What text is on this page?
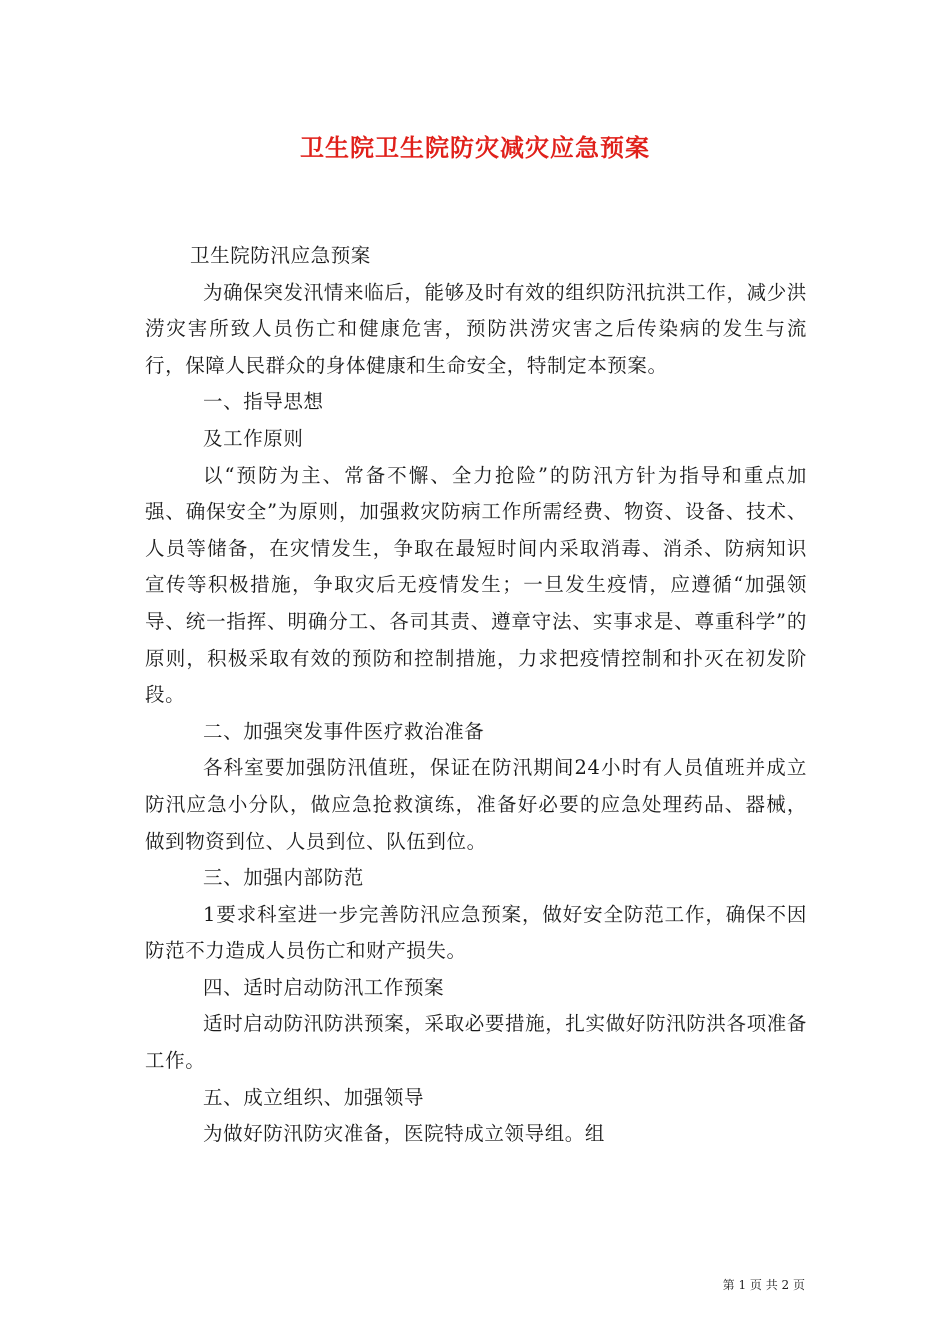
卫生院卫生院防灾减灾应急预案

卫生院防汛应急预案

为确保突发汛情来临后，能够及时有效的组织防汛抗洪工作，减少洪涝灾害所致人员伤亡和健康危害，预防洪涝灾害之后传染病的发生与流行，保障人民群众的身体健康和生命安全，特制定本预案。

一、指导思想

及工作原则

以“预防为主、常备不懈、全力抢险”的防汛方针为指导和重点加强、确保安全”为原则，加强救灾防病工作所需经费、物资、设备、技术、人员等储备，在灾情发生，争取在最短时间内采取消毒、消杀、防病知识宣传等积极措施，争取灾后无疫情发生；一旦发生疫情，应遵循“加强领导、统一指挥、明确分工、各司其责、遵章守法、实事求是、尊重科学”的原则，积极采取有效的预防和控制措施，力求把疫情控制和扑灭在初发阶段。

二、加强突发事件医疗救治准备

各科室要加强防汛值班，保证在防汛期间24小时有人员值班并成立防汛应急小分队，做应急抢救演练，准备好必要的应急处理药品、器械，做到物资到位、人员到位、队伍到位。

三、加强内部防范

1要求科室进一步完善防汛应急预案，做好安全防范工作，确保不因防范不力造成人员伤亡和财产损失。

四、适时启动防汛工作预案

适时启动防汛防洪预案，采取必要措施，扎实做好防汛防洪各项准备工作。

五、成立组织、加强领导

为做好防汛防灾准备，医院特成立领导组。组

第 1 页 共 2 页
